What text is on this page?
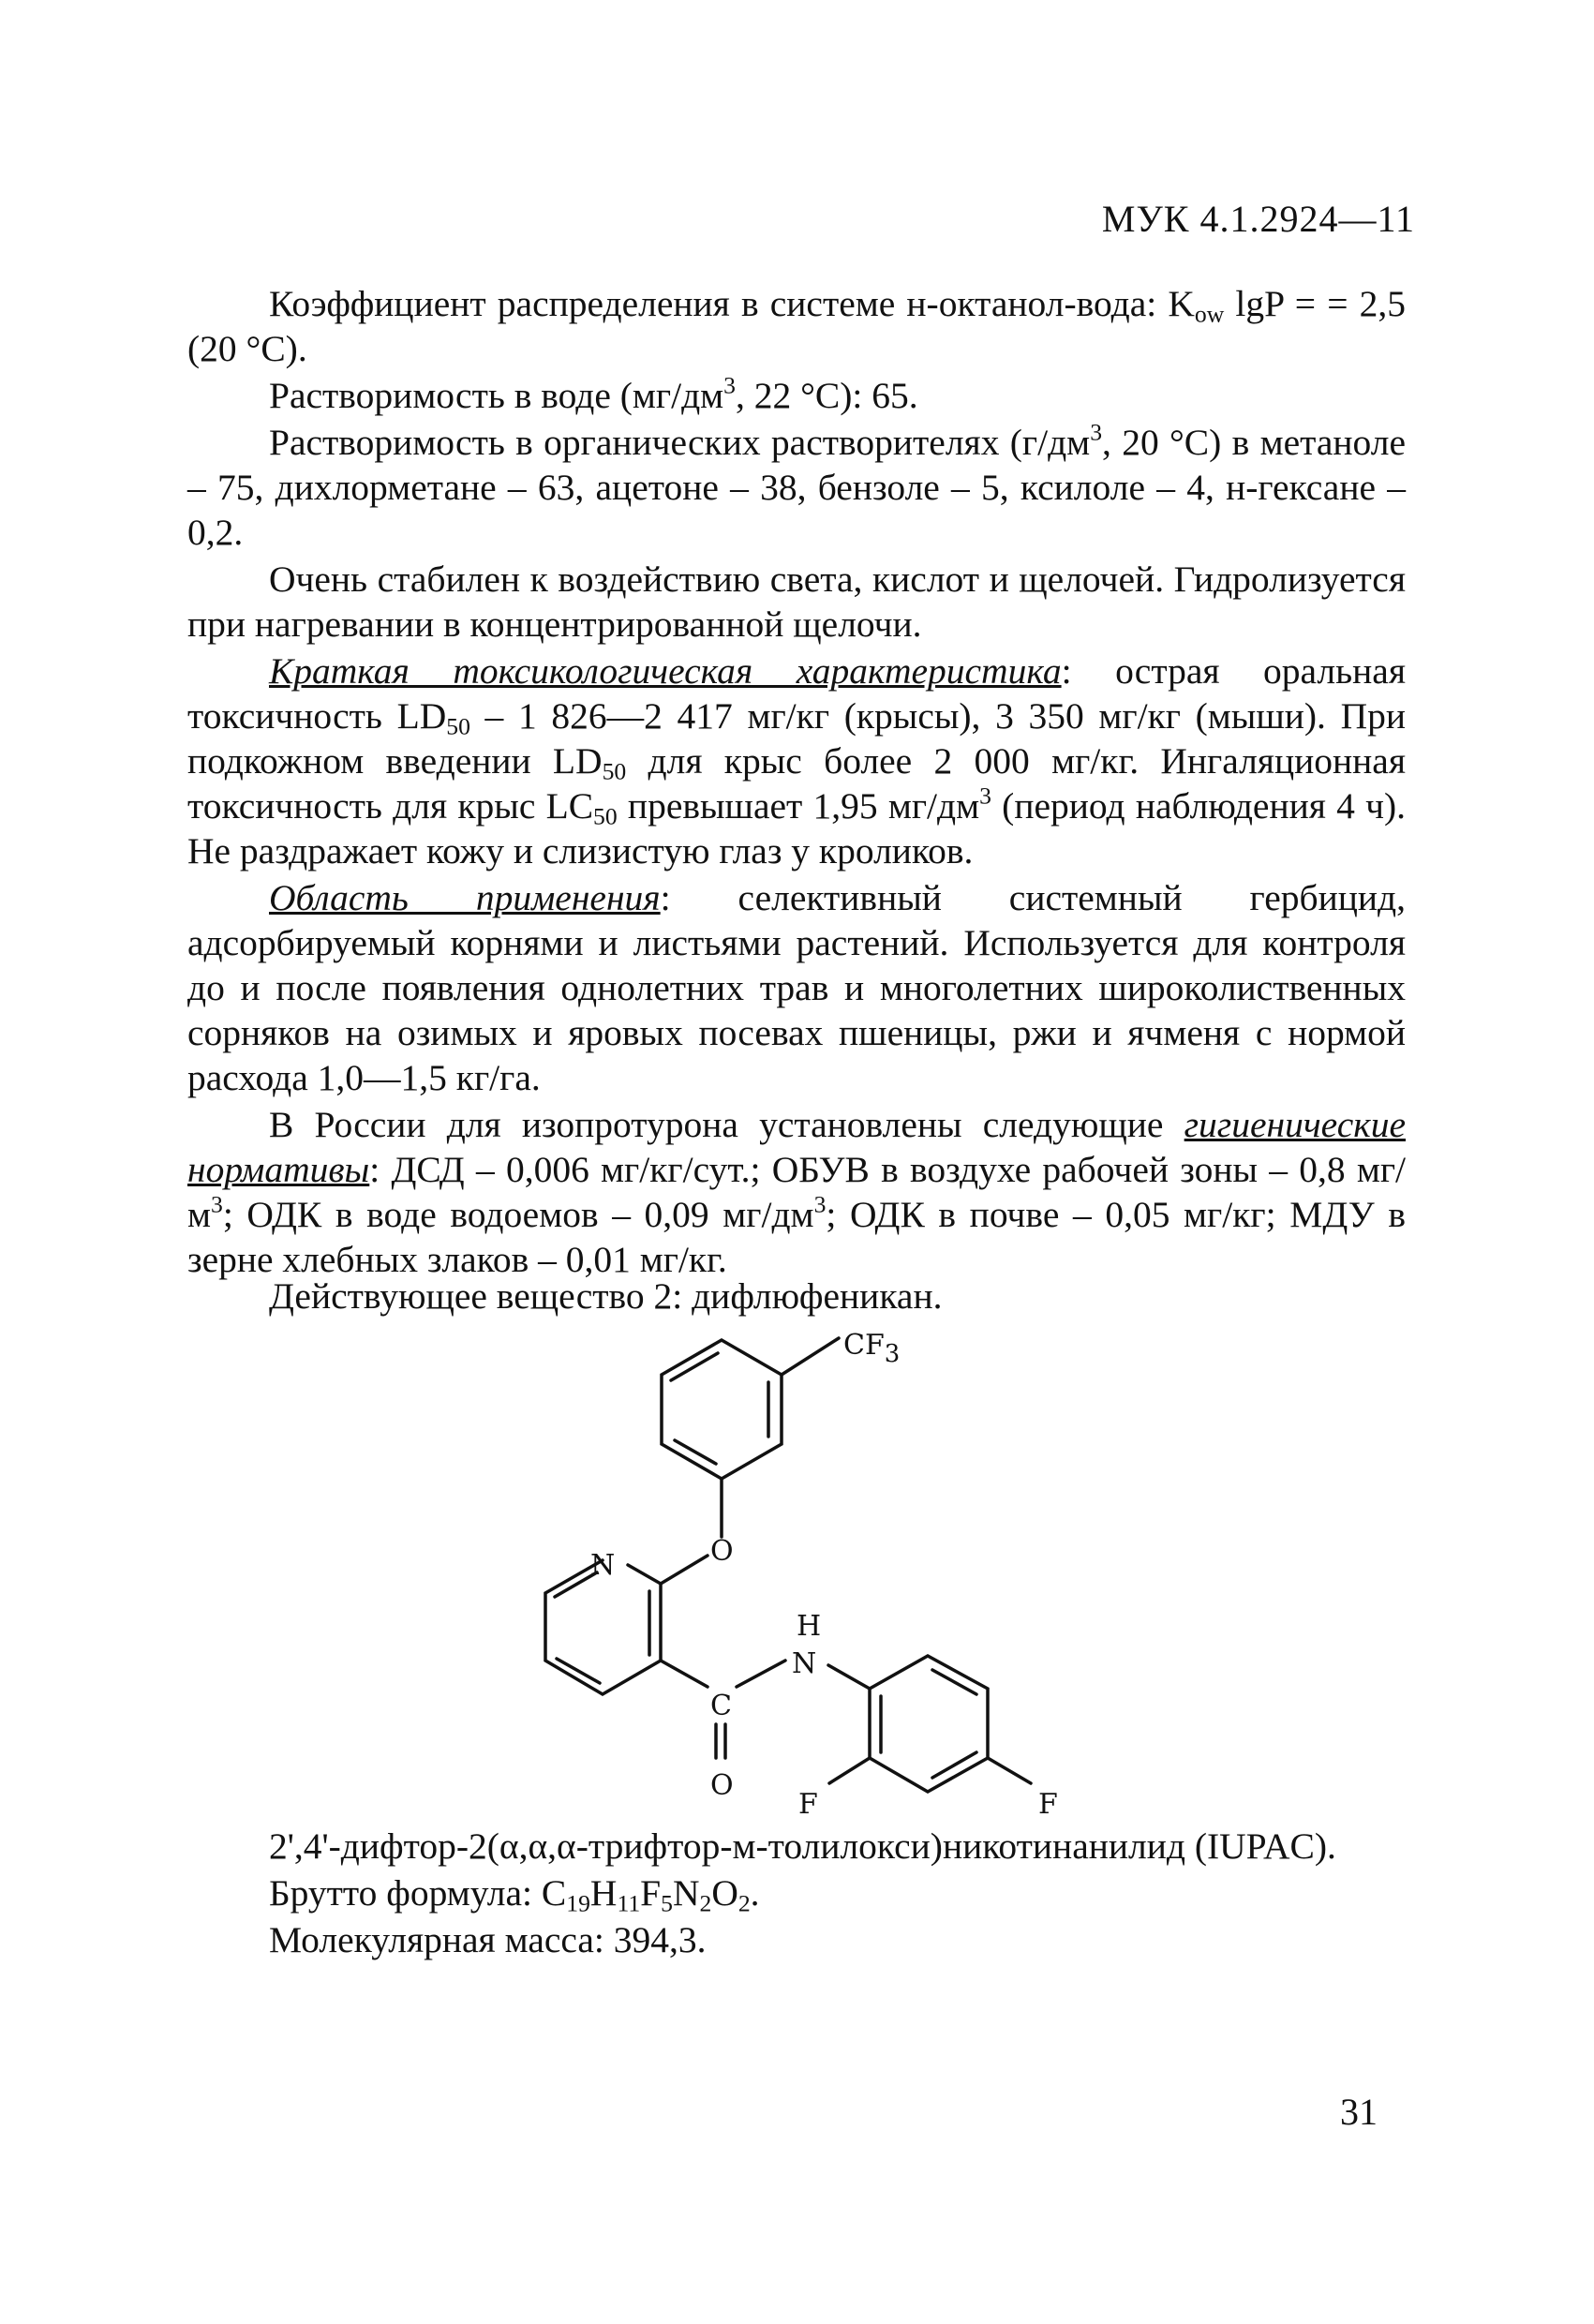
МУК 4.1.2924—11

Коэффициент распределения в системе н-октанол-вода: $K_{ow}$ lgP = = 2,5 (20 °С).

Растворимость в воде ($мг/дм^3$, 22 °С): 65.

Растворимость в органических растворителях ($г/дм^3$, 20 °С) в метаноле – 75, дихлорметане – 63, ацетоне – 38, бензоле – 5, ксилоле – 4, н-гексане – 0,2.

Очень стабилен к воздействию света, кислот и щелочей. Гидролизуется при нагревании в концентрированной щелочи.

Краткая токсикологическая характеристика: острая оральная токсичность $LD_{50} - 1$ 826—2 417 мг/кг (крысы), 3 350 мг/кг (мыши). При подкожном введении $LD_{50}$ для крыс более 2 000 мг/кг. Ингаляционная токсичность для крыс $LC_{50}$ превышает 1,95 $мг/дм^3$ (период наблюдения 4 ч). Не раздражает кожу и слизистую глаз у кроликов.

Область применения: селективный системный гербицид, адсорбируемый корнями и листьями растений. Используется для контроля до и после появления однолетних трав и многолетних широколиственных сорняков на озимых и яровых посевах пшеницы, ржи и ячменя с нормой расхода 1,0—1,5 кг/га.

В России для изопротурона установлены следующие гигиенические нормативы: ДСД – 0,006 мг/кг/сут.; ОБУВ в воздухе рабочей зоны – 0,8 $мг/м^3$; ОДК в воде водоемов – 0,09 $мг/дм^3$; ОДК в почве – 0,05 мг/кг; МДУ в зерне хлебных злаков – 0,01 мг/кг.

Действующее вещество 2: дифлюфеникан.
CF3
N	O
H
N
C
O
F	F
2',4'-дифтор-2(α,α,α-трифтор-м-толилокси)никотинанилид (IUPAC).
Брутто формула: $C_{19}H_{11}F_5N_2O_2$.
Молекулярная масса: 394,3.
31
